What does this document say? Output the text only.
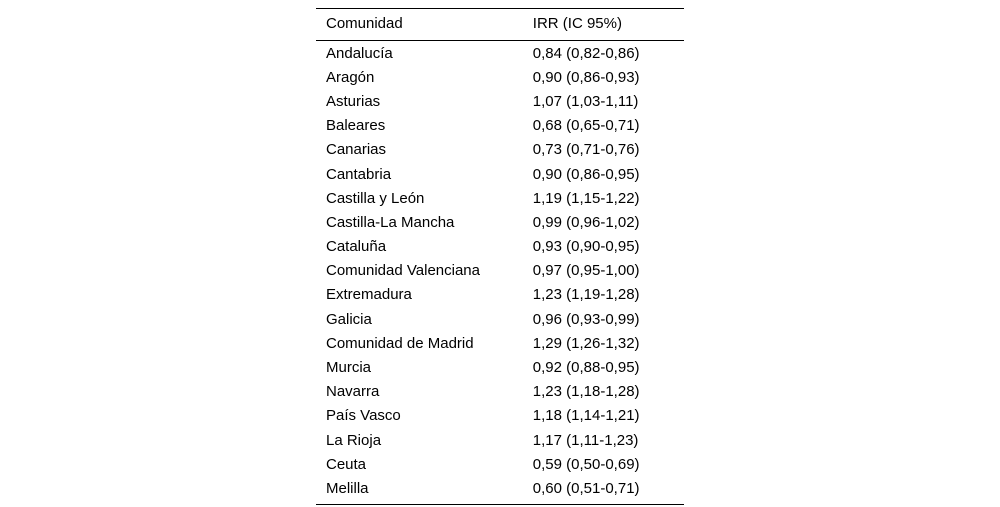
Comunidad	IRR (IC 95%)
Andalucía	0,84 (0,82-0,86)
Aragón	0,90 (0,86-0,93)
Asturias	1,07 (1,03-1,11)
Baleares	0,68 (0,65-0,71)
Canarias	0,73 (0,71-0,76)
Cantabria	0,90 (0,86-0,95)
Castilla y León	1,19 (1,15-1,22)
Castilla-La Mancha	0,99 (0,96-1,02)
Cataluña	0,93 (0,90-0,95)
Comunidad Valenciana	0,97 (0,95-1,00)
Extremadura	1,23 (1,19-1,28)
Galicia	0,96 (0,93-0,99)
Comunidad de Madrid	1,29 (1,26-1,32)
Murcia	0,92 (0,88-0,95)
Navarra	1,23 (1,18-1,28)
País Vasco	1,18 (1,14-1,21)
La Rioja	1,17 (1,11-1,23)
Ceuta	0,59 (0,50-0,69)
Melilla	0,60 (0,51-0,71)
